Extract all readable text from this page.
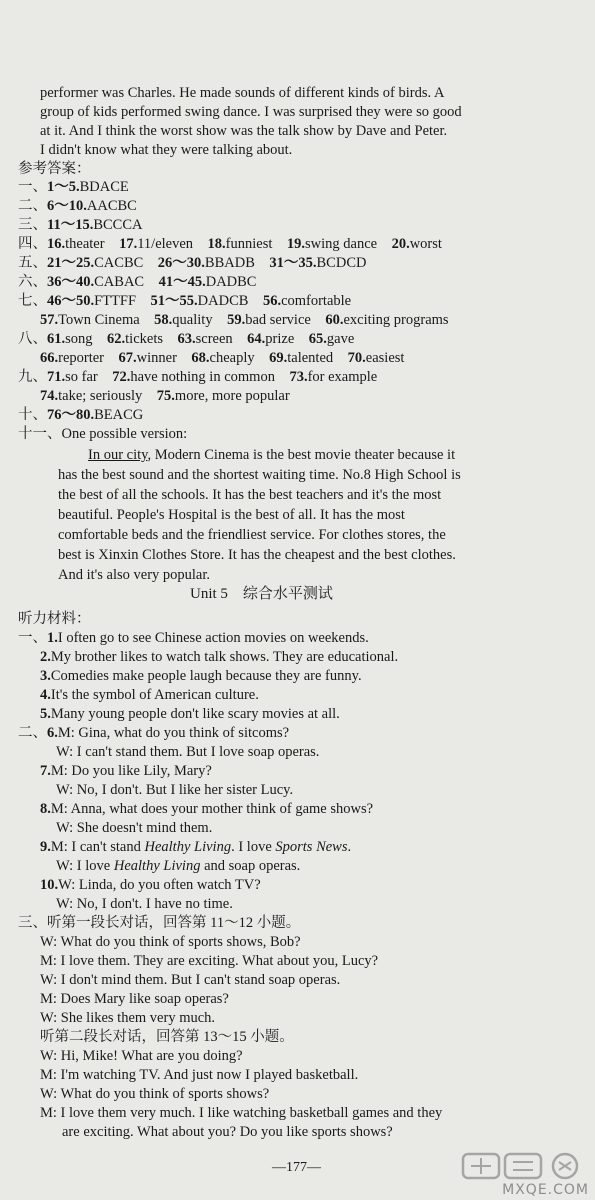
performer was Charles. He made sounds of different kinds of birds. A
group of kids performed swing dance. I was surprised they were so good
at it. And I think the worst show was the talk show by Dave and Peter.
I didn't know what they were talking about.
参考答案：
一、1～5.BDACE
二、6～10.AACBC
三、11～15.BCCCA
四、16.theater　 17.11/eleven　 18.funniest　 19.swing dance　 20.worst
五、21～25.CACBC　 26～30.BBADB　 31～35.BCDCD
六、36～40.CABAC　 41～45.DADBC
七、46～50.FTTFF　 51～55.DADCB　 56.comfortable
57.Town Cinema　 58.quality　 59.bad service　 60.exciting programs
八、61.song　 62.tickets　 63.screen　 64.prize　 65.gave
66.reporter　 67.winner　 68.cheaply　 69.talented　 70.easiest
九、71.so far　 72.have nothing in common　 73.for example
74.take; seriously　 75.more, more popular
十、76～80.BEACG
十一、One possible version:
In our city, Modern Cinema is the best movie theater because it
has the best sound and the shortest waiting time. No.8 High School is
the best of all the schools. It has the best teachers and it's the most
beautiful. People's Hospital is the best of all. It has the most
comfortable beds and the friendliest service. For clothes stores, the
best is Xinxin Clothes Store. It has the cheapest and the best clothes.
And it's also very popular.
Unit 5　综合水平测试
听力材料：
一、1.I often go to see Chinese action movies on weekends.
2.My brother likes to watch talk shows. They are educational.
3.Comedies make people laugh because they are funny.
4.It's the symbol of American culture.
5.Many young people don't like scary movies at all.
二、6.M: Gina, what do you think of sitcoms?
W: I can't stand them. But I love soap operas.
7.M: Do you like Lily, Mary?
W: No, I don't. But I like her sister Lucy.
8.M: Anna, what does your mother think of game shows?
W: She doesn't mind them.
9.M: I can't stand Healthy Living. I love Sports News.
W: I love Healthy Living and soap operas.
10.W: Linda, do you often watch TV?
W: No, I don't. I have no time.
三、听第一段长对话，回答第 11～12 小题。
W: What do you think of sports shows, Bob?
M: I love them. They are exciting. What about you, Lucy?
W: I don't mind them. But I can't stand soap operas.
M: Does Mary like soap operas?
W: She likes them very much.
听第二段长对话，回答第 13～15 小题。
W: Hi, Mike! What are you doing?
M: I'm watching TV. And just now I played basketball.
W: What do you think of sports shows?
M: I love them very much. I like watching basketball games and they
are exciting. What about you? Do you like sports shows?
—177—
MXQE.COM
